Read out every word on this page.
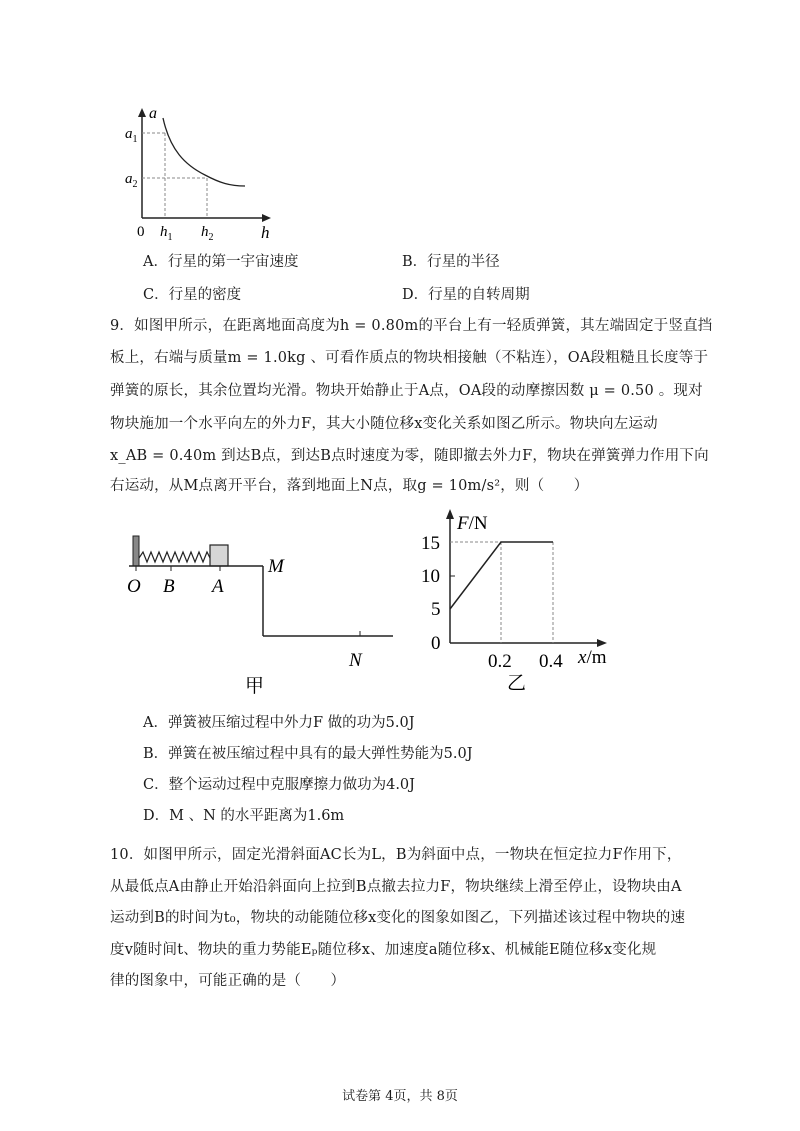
a
$a_1$
$a_2$
0 $h_1$ $h_2$	h
A．行星的第一宇宙速度	B．行星的半径
C．行星的密度	D．行星的自转周期
9．如图甲所示，在距离地面高度为h = 0.80m的平台上有一轻质弹簧，其左端固定于竖直挡
板上，右端与质量m = 1.0kg 、可看作质点的物块相接触（不粘连），OA段粗糙且长度等于
弹簧的原长，其余位置均光滑。物块开始静止于A点，OA段的动摩擦因数 μ = 0.50 。现对
物块施加一个水平向左的外力F，其大小随位移x变化关系如图乙所示。物块向左运动
x_AB = 0.40m 到达B点，到达B点时速度为零，随即撤去外力F，物块在弹簧弹力作用下向
右运动，从M点离开平台，落到地面上N点，取g = 10m/s²，则（　　）
O B A
M
N
甲
F/N
15
10
5
0
0.2 0.4 x/m
乙
A．弹簧被压缩过程中外力F 做的功为5.0J
B．弹簧在被压缩过程中具有的最大弹性势能为5.0J
C．整个运动过程中克服摩擦力做功为4.0J
D．M 、N 的水平距离为1.6m
10．如图甲所示，固定光滑斜面AC长为L，B为斜面中点，一物块在恒定拉力F作用下，
从最低点A由静止开始沿斜面向上拉到B点撤去拉力F，物块继续上滑至停止，设物块由A
运动到B的时间为t₀，物块的动能随位移x变化的图象如图乙，下列描述该过程中物块的速
度v随时间t、物块的重力势能Eₚ随位移x、加速度a随位移x、机械能E随位移x变化规
律的图象中，可能正确的是（　　）
试卷第 4页，共 8页
